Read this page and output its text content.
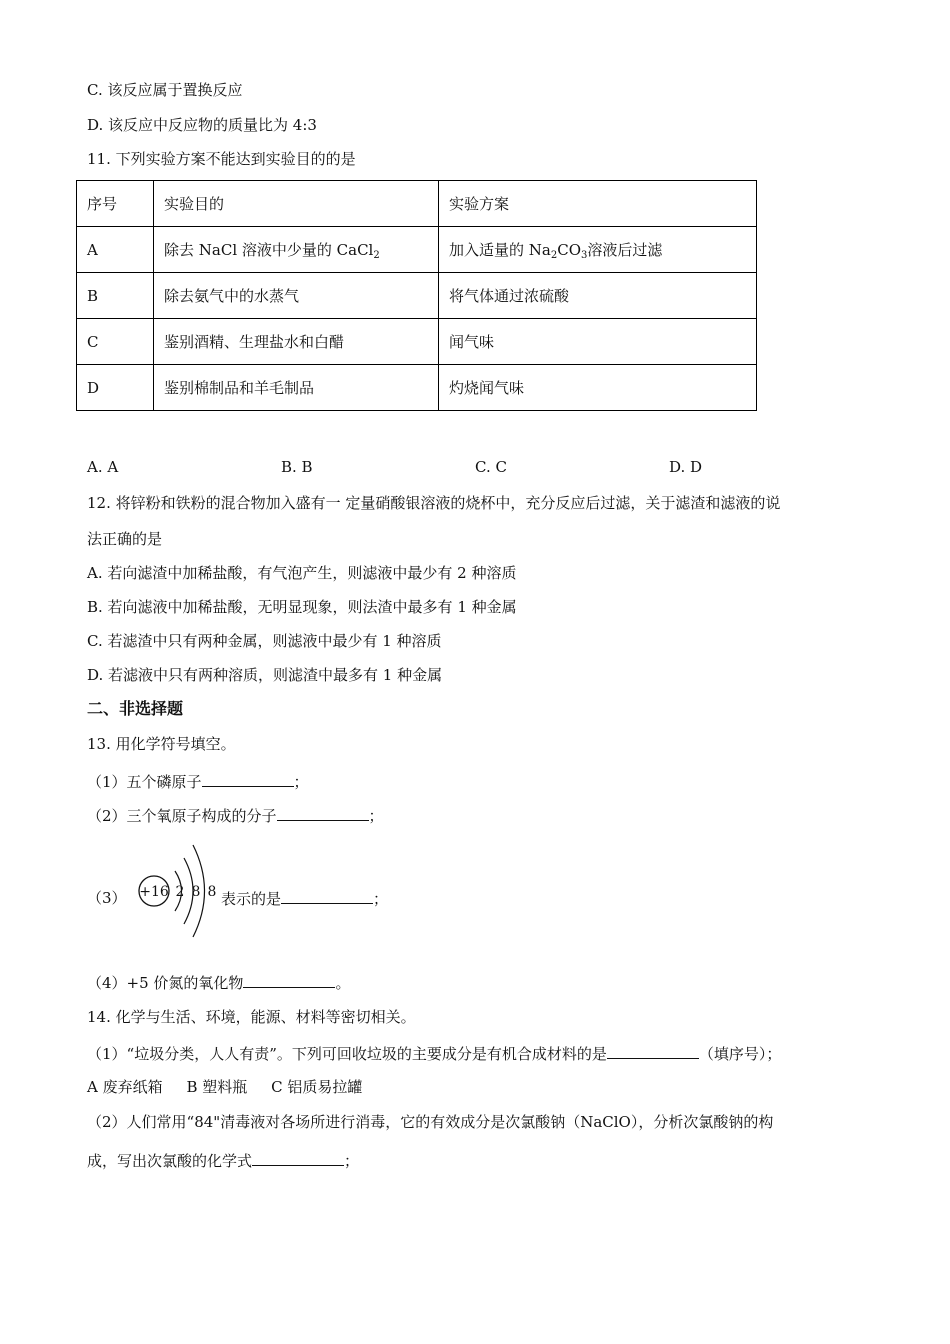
C. 该反应属于置换反应
D. 该反应中反应物的质量比为 4:3
11. 下列实验方案不能达到实验目的的是
序号	实验目的	实验方案
A	除去 NaCl 溶液中少量的 CaCl$_2$	加入适量的 $Na_2CO_3$溶液后过滤
B	除去氨气中的水蒸气	将气体通过浓硫酸
C	鉴别酒精、生理盐水和白醋	闻气味
D	鉴别棉制品和羊毛制品	灼烧闻气味
A. A	B. B	C. C	D. D
12. 将锌粉和铁粉的混合物加入盛有一 定量硝酸银溶液的烧杯中，充分反应后过滤，关于滤渣和滤液的说
法正确的是
A. 若向滤渣中加稀盐酸，有气泡产生，则滤液中最少有 2 种溶质
B. 若向滤液中加稀盐酸，无明显现象，则法渣中最多有 1 种金属
C. 若滤渣中只有两种金属，则滤液中最少有 1 种溶质
D. 若滤液中只有两种溶质，则滤渣中最多有 1 种金属
二、非选择题
13. 用化学符号填空。
（1）五个磷原子	；
（2）三个氧原子构成的分子	；
（3） +16 2 8 8 表示的是	；
（4）+5 价氮的氧化物	。
14. 化学与生活、环境，能源、材料等密切相关。
（1）“垃圾分类，人人有责”。下列可回收垃圾的主要成分是有机合成材料的是	（填序号）；
A 废弃纸箱     B 塑料瓶     C 铝质易拉罐
（2）人们常用“84"清毒液对各场所进行消毒，它的有效成分是次氯酸钠（NaClO），分析次氯酸钠的构
成，写出次氯酸的化学式	；
